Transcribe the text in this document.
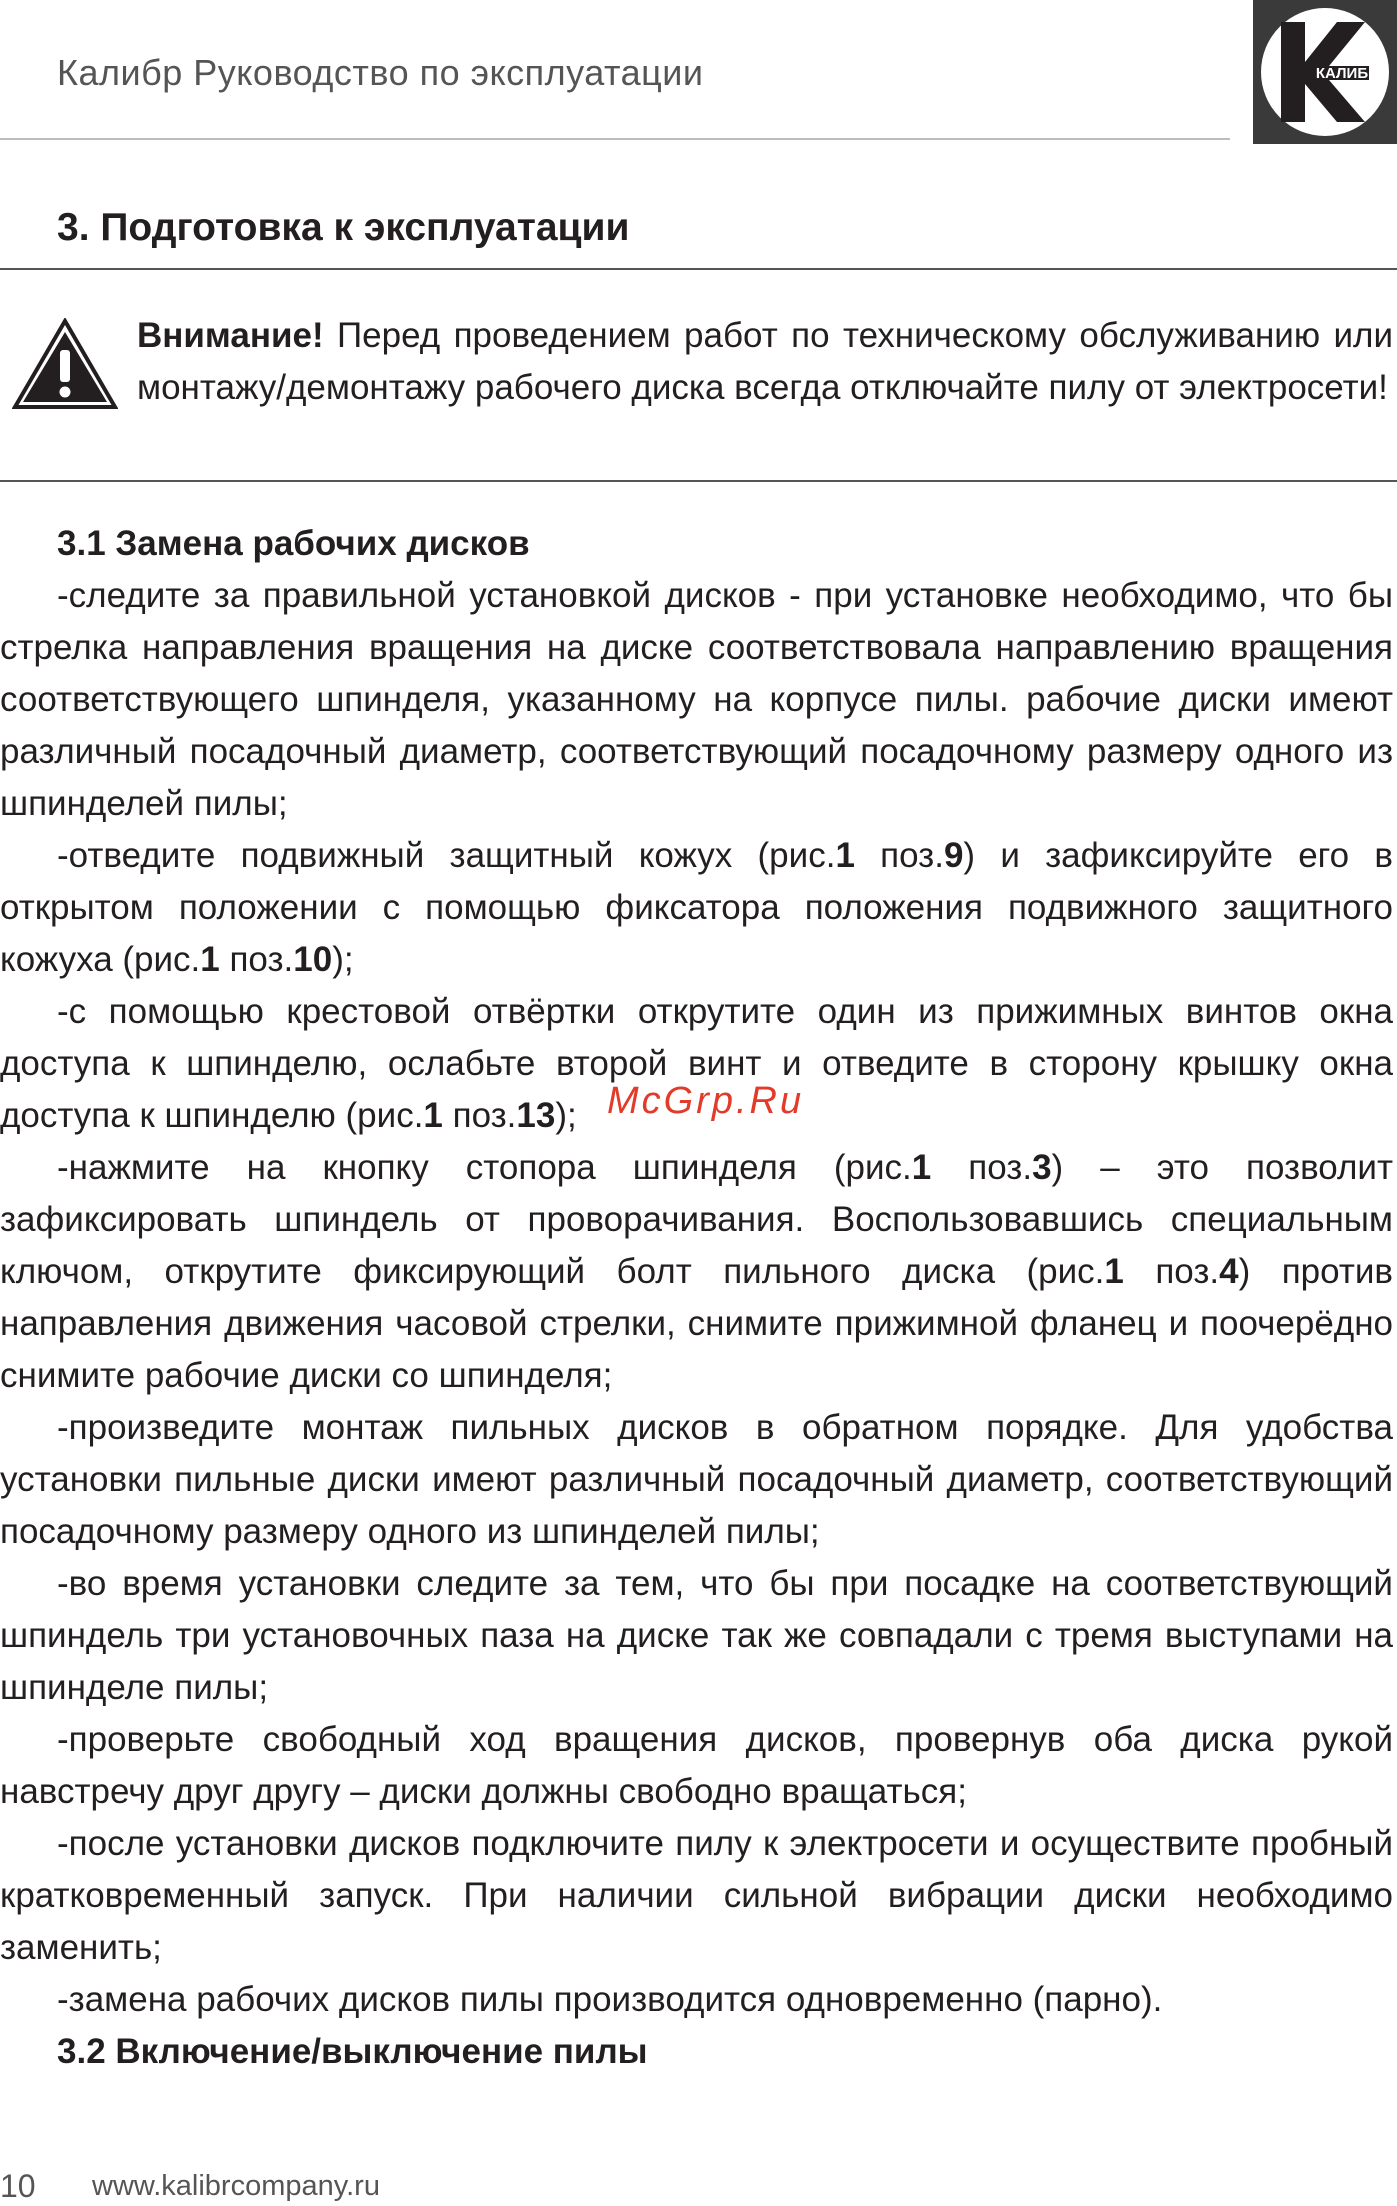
Калибр Руководство по эксплуатации	КАЛИБР
3. Подготовка к эксплуатации
Внимание! Перед проведением работ по техническому обслуживанию или монтажу/демонтажу рабочего диска всегда отключайте пилу от электросети!
3.1 Замена рабочих дисков

-следите за правильной установкой дисков - при установке необходимо, что бы стрелка направления вращения на диске соответствовала направлению вращения соответствующего шпинделя, указанному на корпусе пилы. рабочие диски имеют различный посадочный диаметр, соответствующий посадочному размеру одного из шпинделей пилы;

-отведите подвижный защитный кожух (рис.1 поз.9) и зафиксируйте его в открытом положении с помощью фиксатора положения подвижного защитного кожуха (рис.1 поз.10);

-с помощью крестовой отвёртки открутите один из прижимных винтов окна доступа к шпинделю, ослабьте второй винт и отведите в сторону крышку окна доступа к шпинделю (рис.1 поз.13);

-нажмите на кнопку стопора шпинделя (рис.1 поз.3) – это позволит зафиксировать шпиндель от проворачивания. Воспользовавшись специальным ключом, открутите фиксирующий болт пильного диска (рис.1 поз.4) против направления движения часовой стрелки, снимите прижимной фланец и поочерёдно снимите рабочие диски со шпинделя;

-произведите монтаж пильных дисков в обратном порядке. Для удобства установки пильные диски имеют различный посадочный диаметр, соответствующий посадочному размеру одного из шпинделей пилы;

-во время установки следите за тем, что бы при посадке на соответствующий шпиндель три установочных паза на диске так же совпадали с тремя выступами на шпинделе пилы;

-проверьте свободный ход вращения дисков, провернув оба диска рукой навстречу друг другу – диски должны свободно вращаться;

-после установки дисков подключите пилу к электросети и осуществите пробный кратковременный запуск. При наличии сильной вибрации диски необходимо заменить;

-замена рабочих дисков пилы производится одновременно (парно).

3.2 Включение/выключение пилы
McGrp.Ru
10 www.kalibrcompany.ru
